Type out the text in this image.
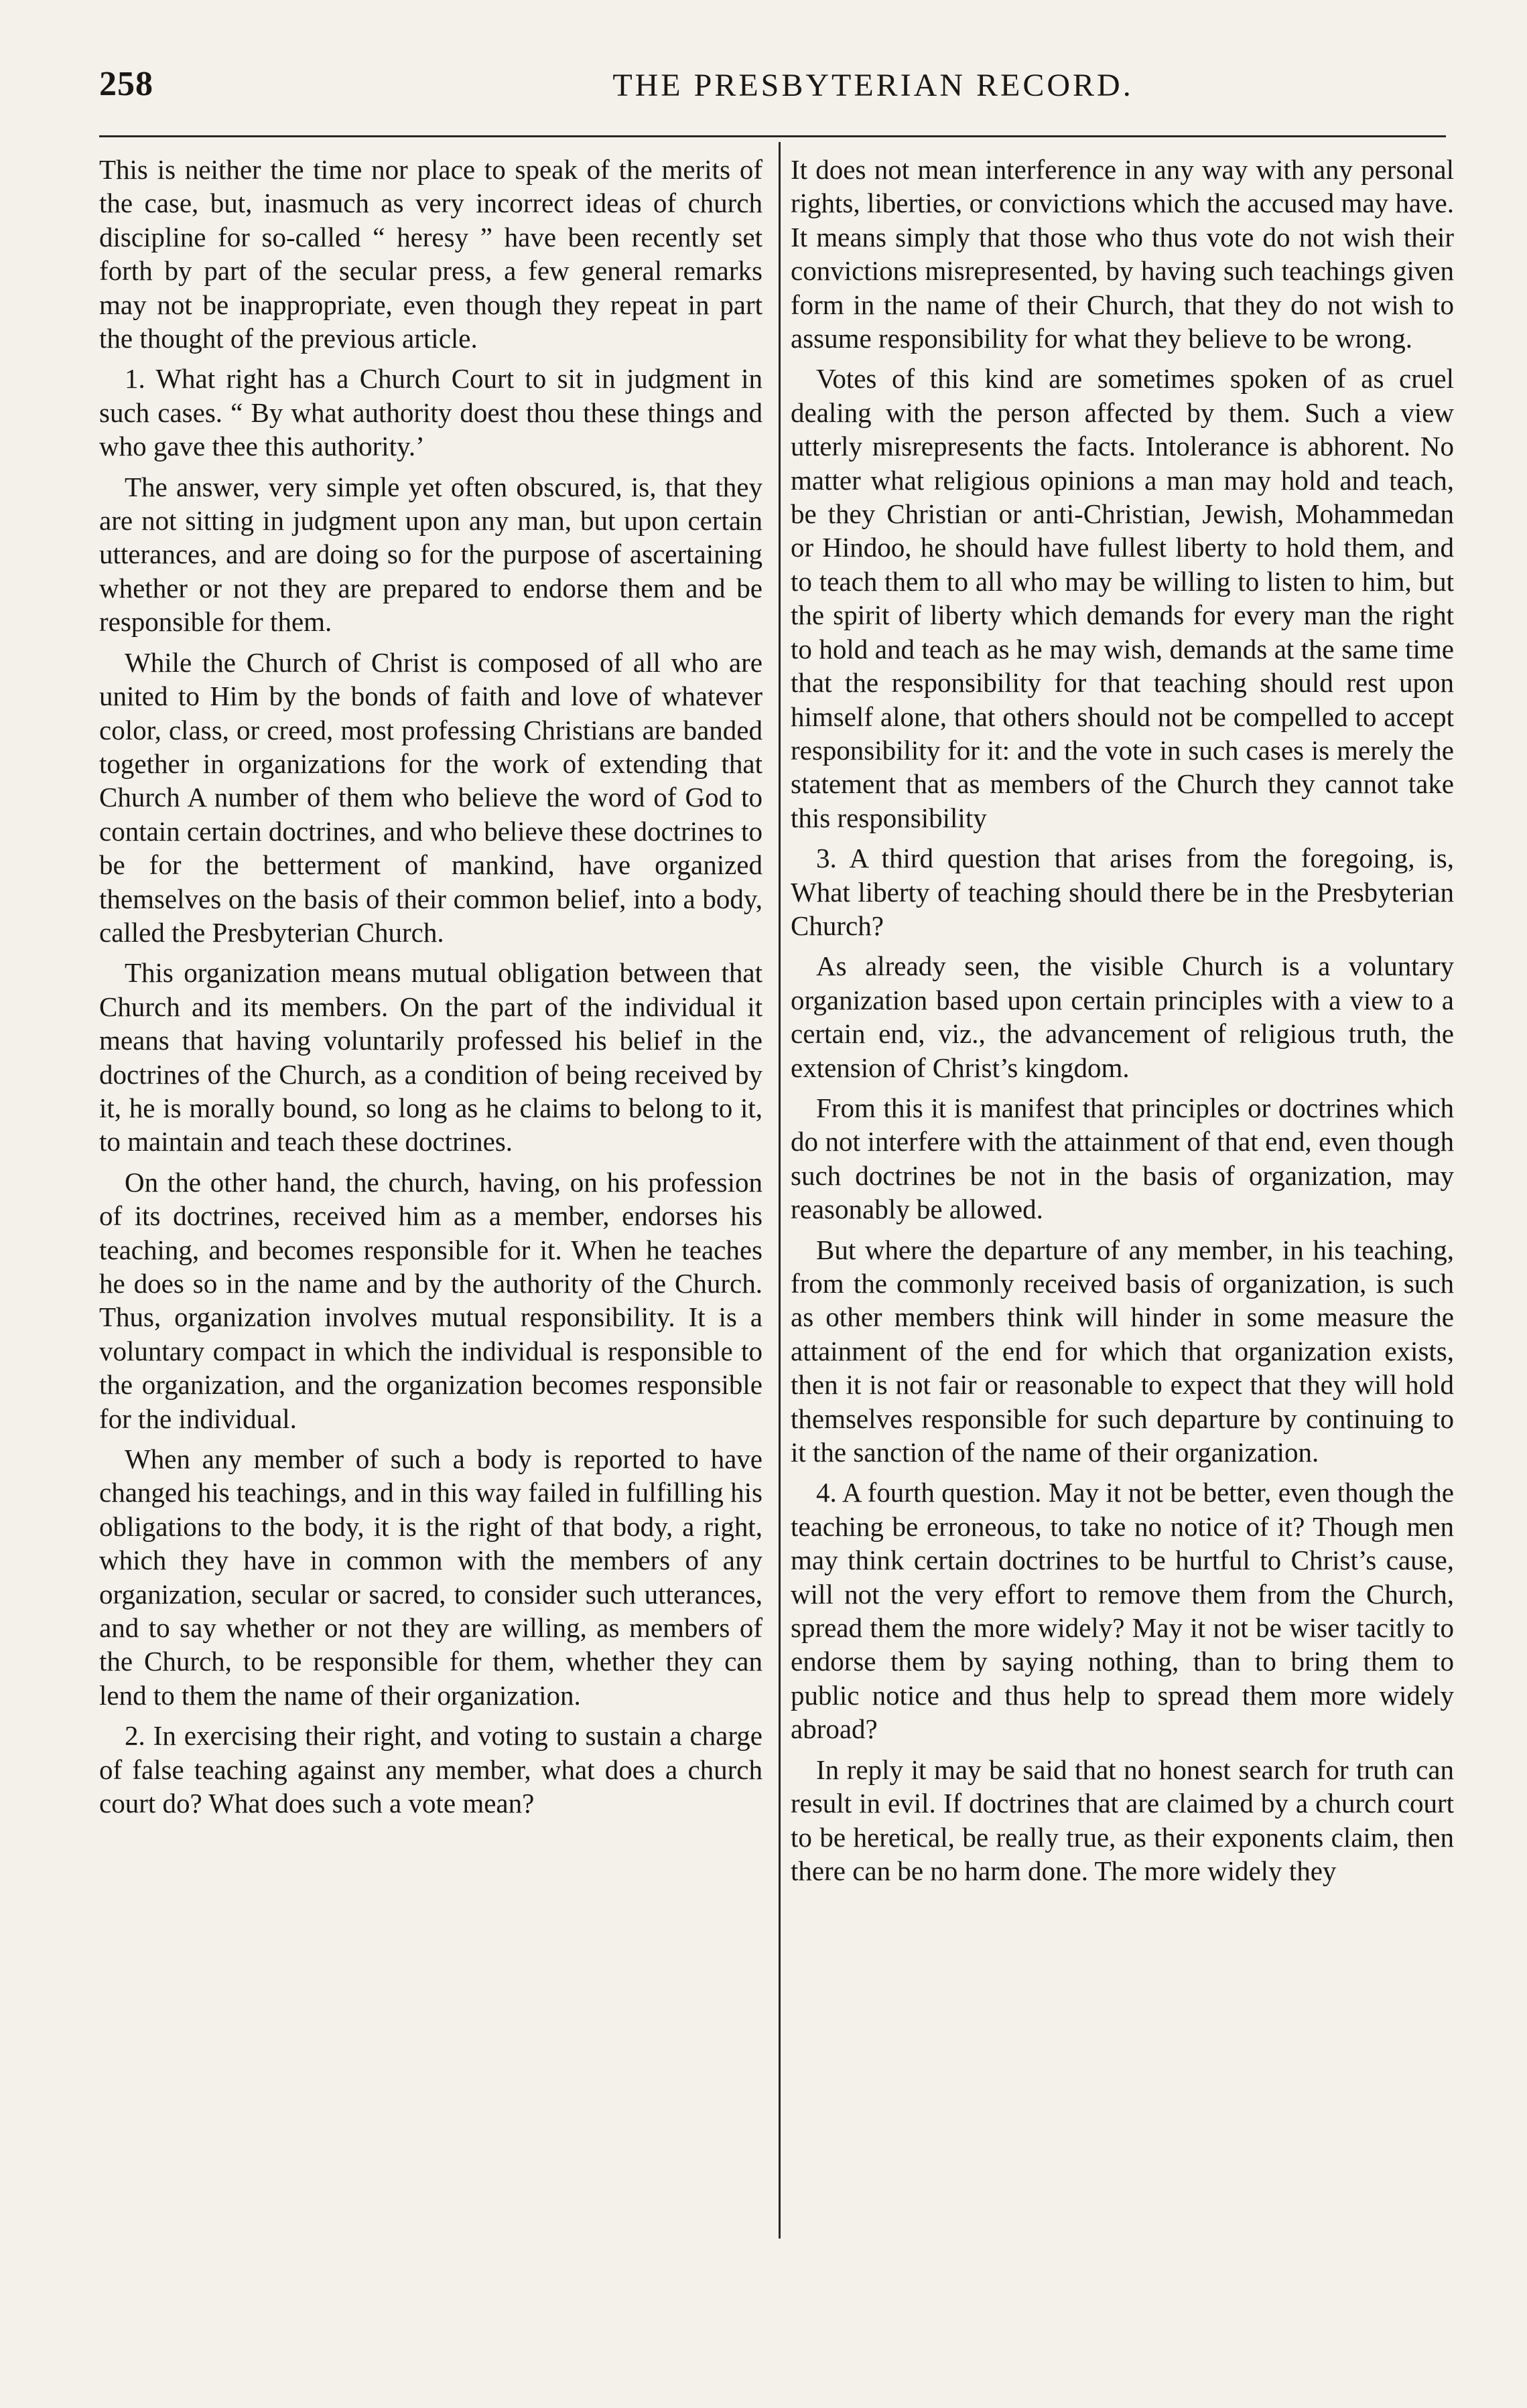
258	THE PRESBYTERIAN RECORD.

This is neither the time nor place to speak of the merits of the case, but, inasmuch as very incorrect ideas of church discipline for so-called “ heresy ” have been recently set forth by part of the secular press, a few general remarks may not be inappropriate, even though they repeat in part the thought of the previous article.

1. What right has a Church Court to sit in judgment in such cases. “ By what authority doest thou these things and who gave thee this authority.’

The answer, very simple yet often obscured, is, that they are not sitting in judgment upon any man, but upon certain utterances, and are doing so for the purpose of ascertaining whether or not they are prepared to endorse them and be responsible for them.

While the Church of Christ is composed of all who are united to Him by the bonds of faith and love of whatever color, class, or creed, most professing Christians are banded together in organizations for the work of extending that Church A number of them who believe the word of God to contain certain doctrines, and who believe these doctrines to be for the betterment of mankind, have organized themselves on the basis of their common belief, into a body, called the Presbyterian Church.

This organization means mutual obligation between that Church and its members. On the part of the individual it means that having voluntarily professed his belief in the doctrines of the Church, as a condition of being received by it, he is morally bound, so long as he claims to belong to it, to maintain and teach these doctrines.

On the other hand, the church, having, on his profession of its doctrines, received him as a member, endorses his teaching, and becomes responsible for it. When he teaches he does so in the name and by the authority of the Church. Thus, organization involves mutual responsibility. It is a voluntary compact in which the individual is responsible to the organization, and the organization becomes responsible for the individual.

When any member of such a body is reported to have changed his teachings, and in this way failed in fulfilling his obligations to the body, it is the right of that body, a right, which they have in common with the members of any organization, secular or sacred, to consider such utterances, and to say whether or not they are willing, as members of the Church, to be responsible for them, whether they can lend to them the name of their organization.

2. In exercising their right, and voting to sustain a charge of false teaching against any member, what does a church court do? What does such a vote mean?

It does not mean interference in any way with any personal rights, liberties, or convictions which the accused may have. It means simply that those who thus vote do not wish their convictions misrepresented, by having such teachings given form in the name of their Church, that they do not wish to assume responsibility for what they believe to be wrong.

Votes of this kind are sometimes spoken of as cruel dealing with the person affected by them. Such a view utterly misrepresents the facts. Intolerance is abhorent. No matter what religious opinions a man may hold and teach, be they Christian or anti-Christian, Jewish, Mohammedan or Hindoo, he should have fullest liberty to hold them, and to teach them to all who may be willing to listen to him, but the spirit of liberty which demands for every man the right to hold and teach as he may wish, demands at the same time that the responsibility for that teaching should rest upon himself alone, that others should not be compelled to accept responsibility for it: and the vote in such cases is merely the statement that as members of the Church they cannot take this responsibility

3. A third question that arises from the foregoing, is, What liberty of teaching should there be in the Presbyterian Church?

As already seen, the visible Church is a voluntary organization based upon certain principles with a view to a certain end, viz., the advancement of religious truth, the extension of Christ’s kingdom.

From this it is manifest that principles or doctrines which do not interfere with the attainment of that end, even though such doctrines be not in the basis of organization, may reasonably be allowed.

But where the departure of any member, in his teaching, from the commonly received basis of organization, is such as other members think will hinder in some measure the attainment of the end for which that organization exists, then it is not fair or reasonable to expect that they will hold themselves responsible for such departure by continuing to it the sanction of the name of their organization.

4. A fourth question. May it not be better, even though the teaching be erroneous, to take no notice of it? Though men may think certain doctrines to be hurtful to Christ’s cause, will not the very effort to remove them from the Church, spread them the more widely? May it not be wiser tacitly to endorse them by saying nothing, than to bring them to public notice and thus help to spread them more widely abroad?

In reply it may be said that no honest search for truth can result in evil. If doctrines that are claimed by a church court to be heretical, be really true, as their exponents claim, then there can be no harm done. The more widely they
